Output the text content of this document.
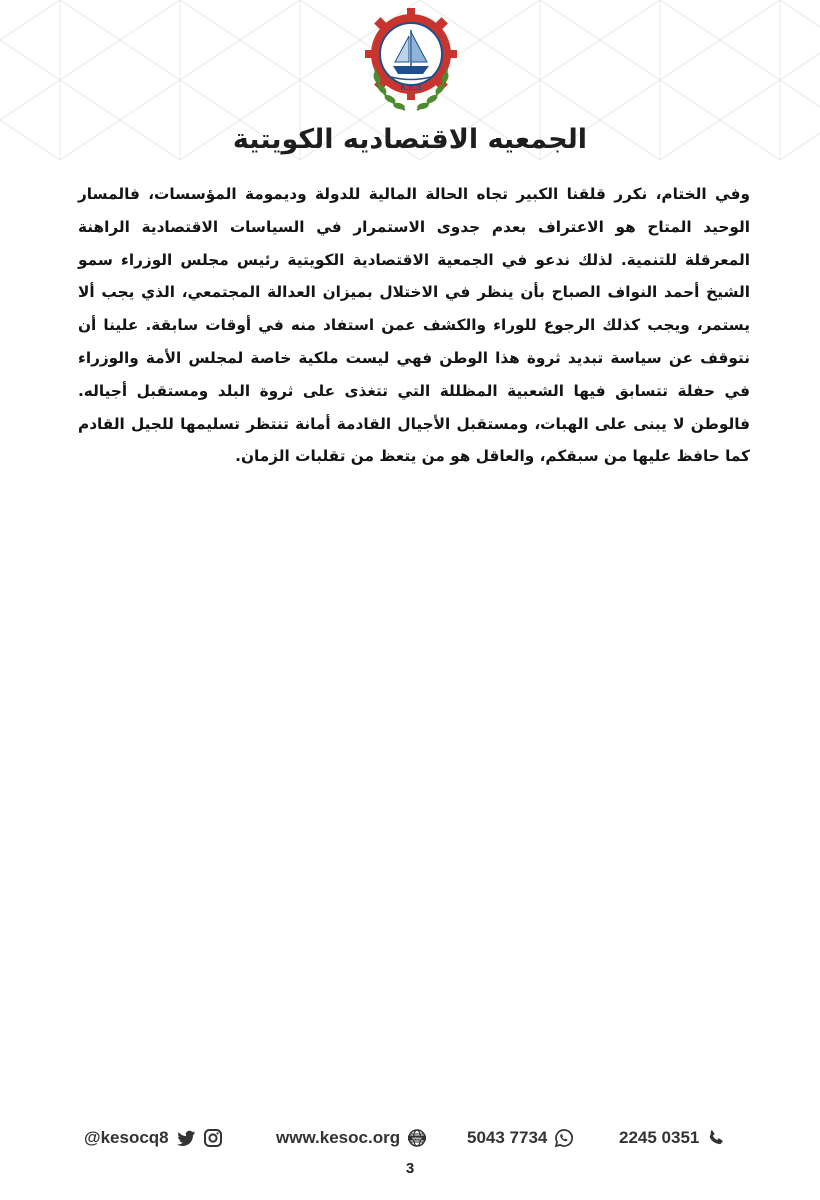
K.E.S
الجمعيه الاقتصاديه الكويتية

وفي الختام، نكرر قلقنا الكبير تجاه الحالة المالية للدولة وديمومة المؤسسات، فالمسار الوحيد المتاح هو الاعتراف بعدم جدوى الاستمرار في السياسات الاقتصادية الراهنة المعرقلة للتنمية. لذلك ندعو في الجمعية الاقتصادية الكويتية رئيس مجلس الوزراء سمو الشيخ أحمد النواف الصباح بأن ينظر في الاختلال بميزان العدالة المجتمعي، الذي يجب ألا يستمر، ويجب كذلك الرجوع للوراء والكشف عمن استفاد منه في أوقات سابقة. علينا أن نتوقف عن سياسة تبديد ثروة هذا الوطن فهي ليست ملكية خاصة لمجلس الأمة والوزراء في حفلة تتسابق فيها الشعبية المظللة التي تتغذى على ثروة البلد ومستقبل أجياله. فالوطن لا يبنى على الهبات، ومستقبل الأجيال القادمة أمانة تنتظر تسليمها للجيل القادم كما حافظ عليها من سبقكم، والعاقل هو من يتعظ من تقلبات الزمان.

@kesocq8	www.kesoc.org	www	5043 7734	2245 0351
3
